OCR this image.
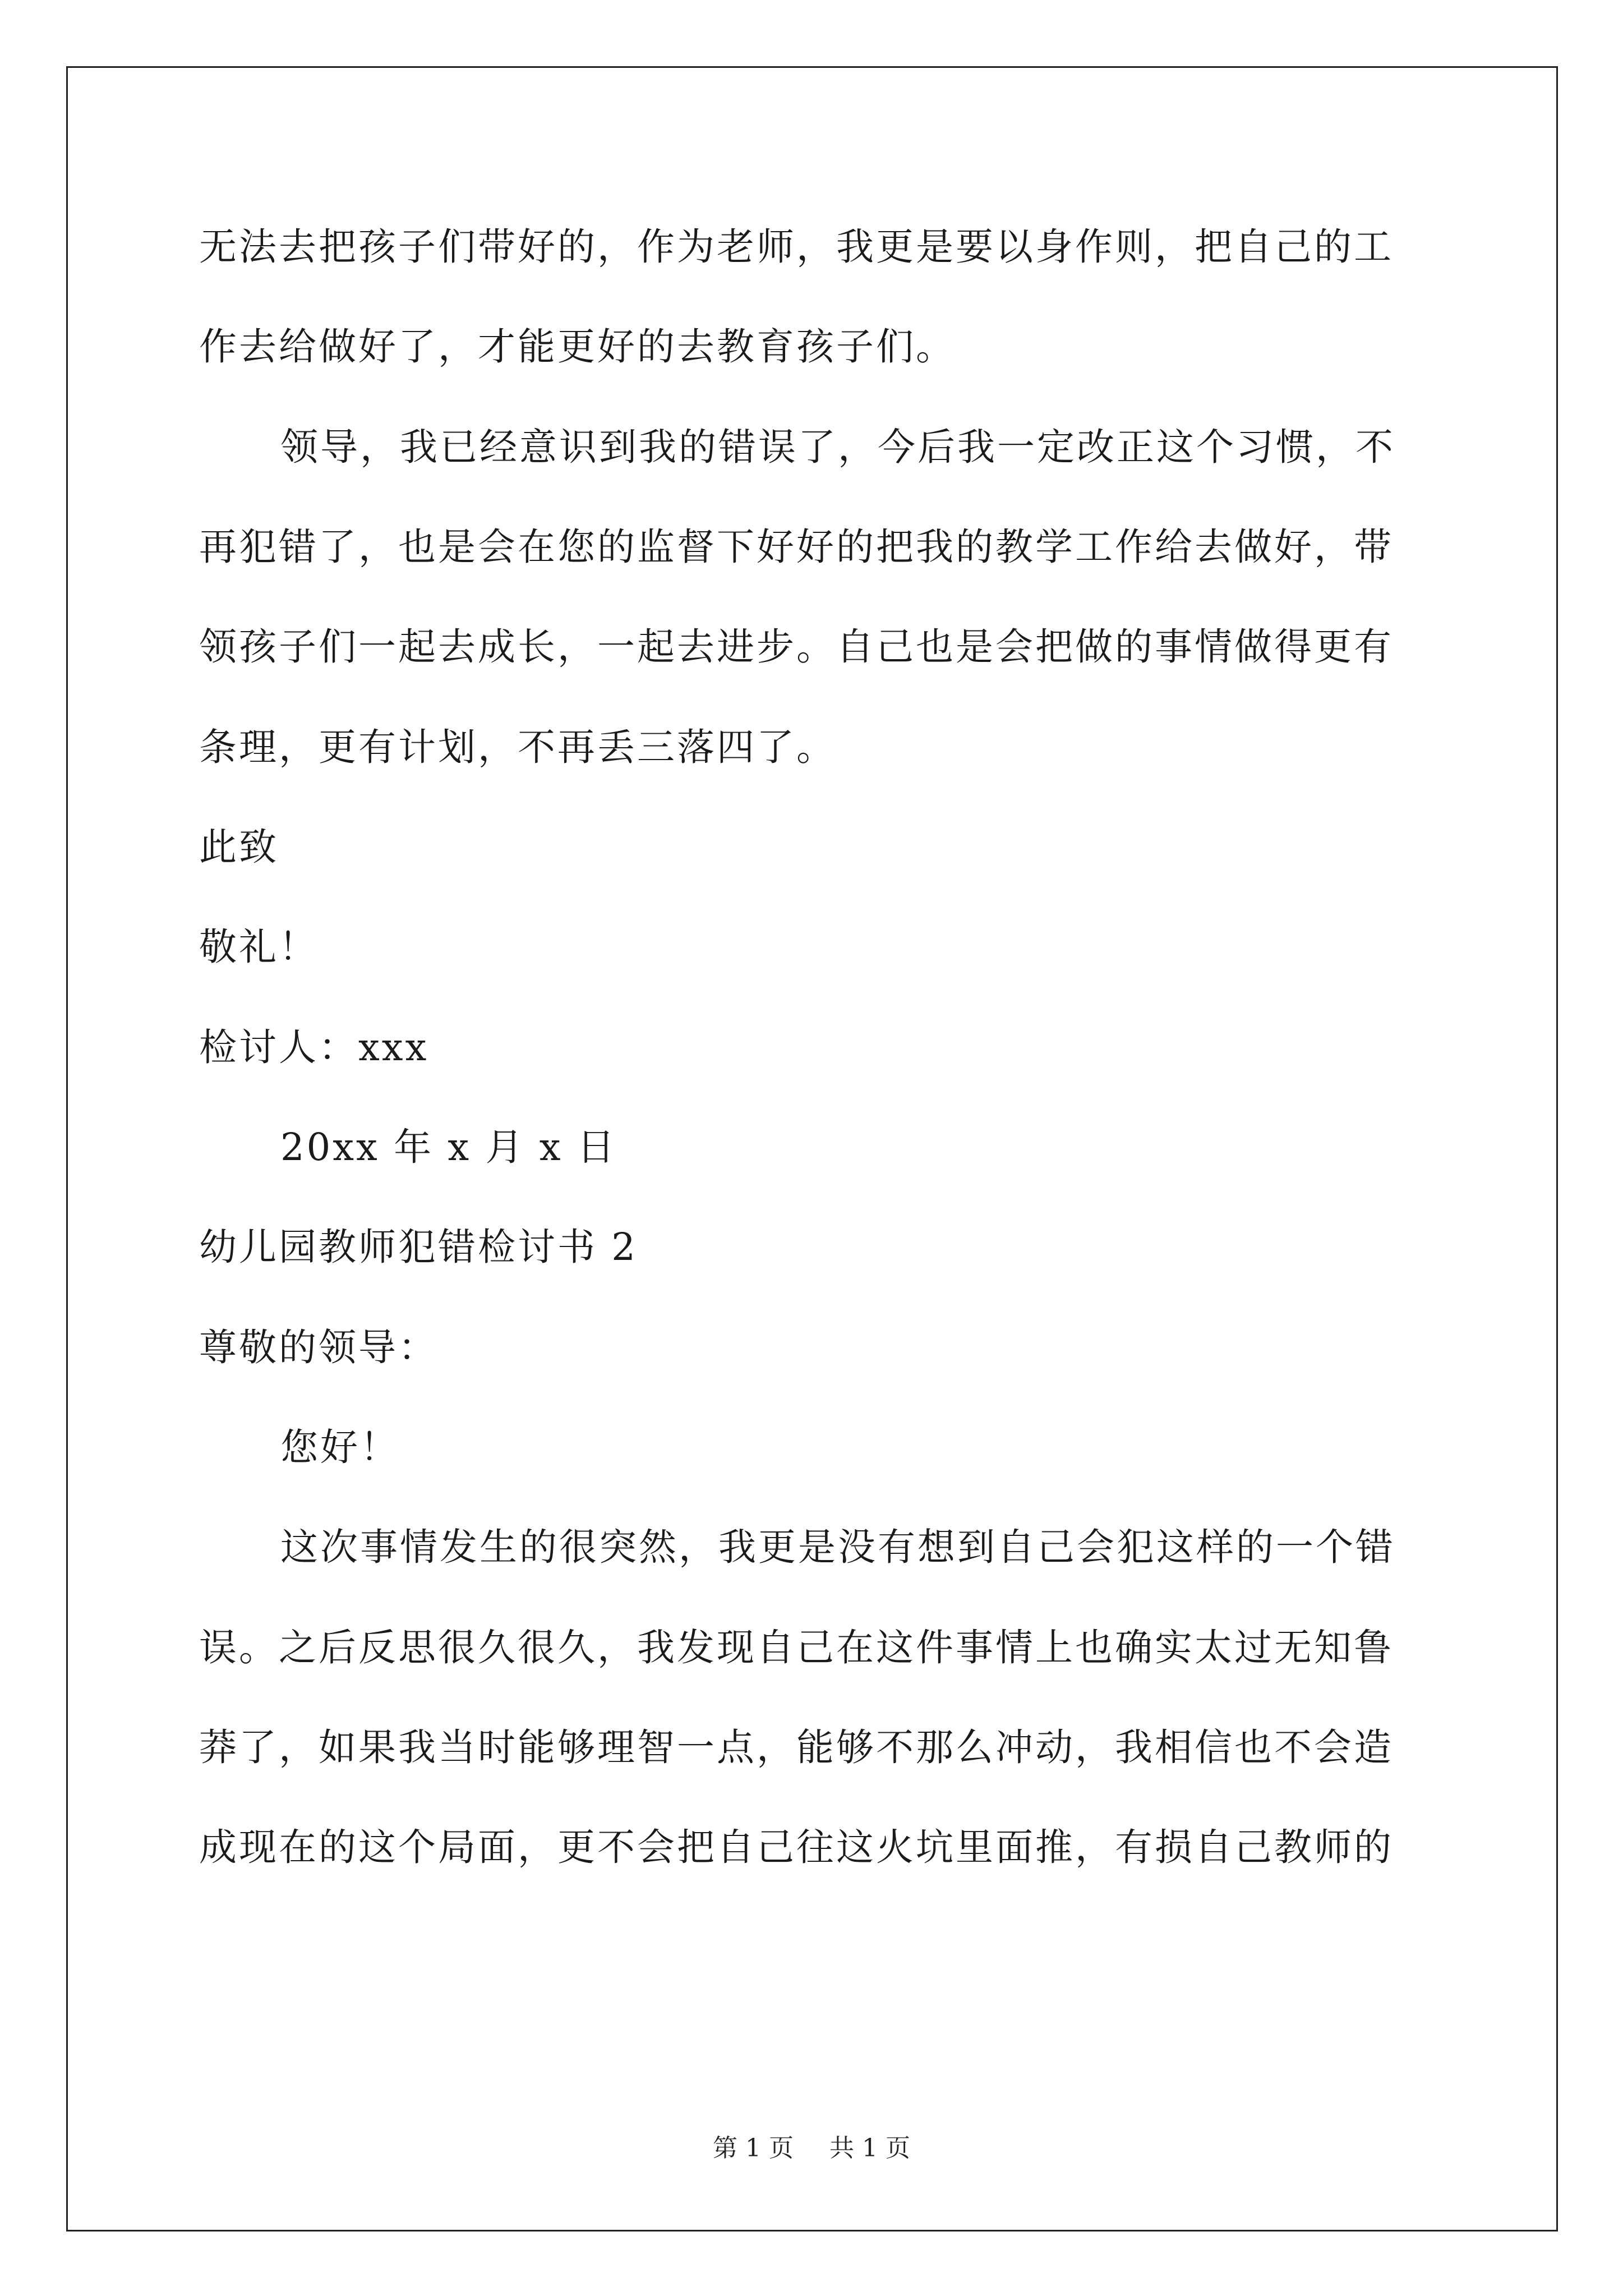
无法去把孩子们带好的，作为老师，我更是要以身作则，把自己的工
作去给做好了，才能更好的去教育孩子们。
领导，我已经意识到我的错误了，今后我一定改正这个习惯，不
再犯错了，也是会在您的监督下好好的把我的教学工作给去做好，带
领孩子们一起去成长，一起去进步。自己也是会把做的事情做得更有
条理，更有计划，不再丢三落四了。
此致
敬礼！
检讨人：xxx
20xx 年 x 月 x 日
幼儿园教师犯错检讨书 2
尊敬的领导：
您好！
这次事情发生的很突然，我更是没有想到自己会犯这样的一个错
误。之后反思很久很久，我发现自己在这件事情上也确实太过无知鲁
莽了，如果我当时能够理智一点，能够不那么冲动，我相信也不会造
成现在的这个局面，更不会把自己往这火坑里面推，有损自己教师的
第 1 页 共 1 页
